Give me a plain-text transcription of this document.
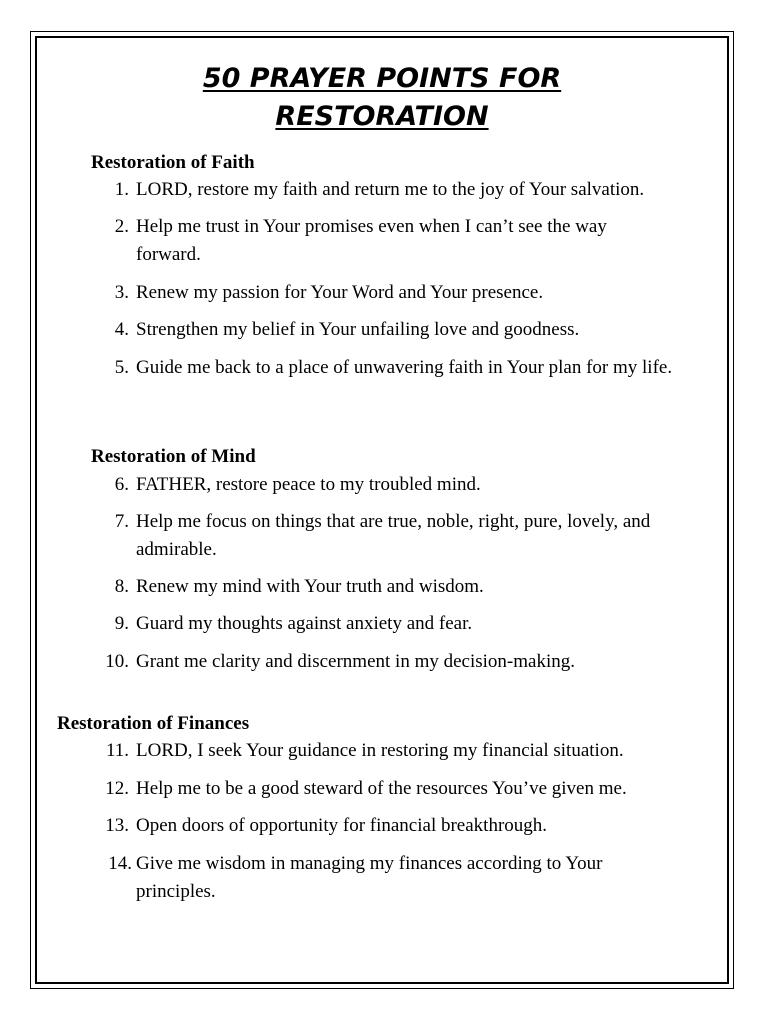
50 PRAYER POINTS FOR
RESTORATION
Restoration of Faith
1. LORD, restore my faith and return me to the joy of Your salvation.
2. Help me trust in Your promises even when I can’t see the way forward.
3. Renew my passion for Your Word and Your presence.
4. Strengthen my belief in Your unfailing love and goodness.
5. Guide me back to a place of unwavering faith in Your plan for my life.
Restoration of Mind
6. FATHER, restore peace to my troubled mind.
7. Help me focus on things that are true, noble, right, pure, lovely, and admirable.
8. Renew my mind with Your truth and wisdom.
9. Guard my thoughts against anxiety and fear.
10. Grant me clarity and discernment in my decision-making.
Restoration of Finances
11. LORD, I seek Your guidance in restoring my financial situation.
12. Help me to be a good steward of the resources You’ve given me.
13. Open doors of opportunity for financial breakthrough.
14. Give me wisdom in managing my finances according to Your principles.
